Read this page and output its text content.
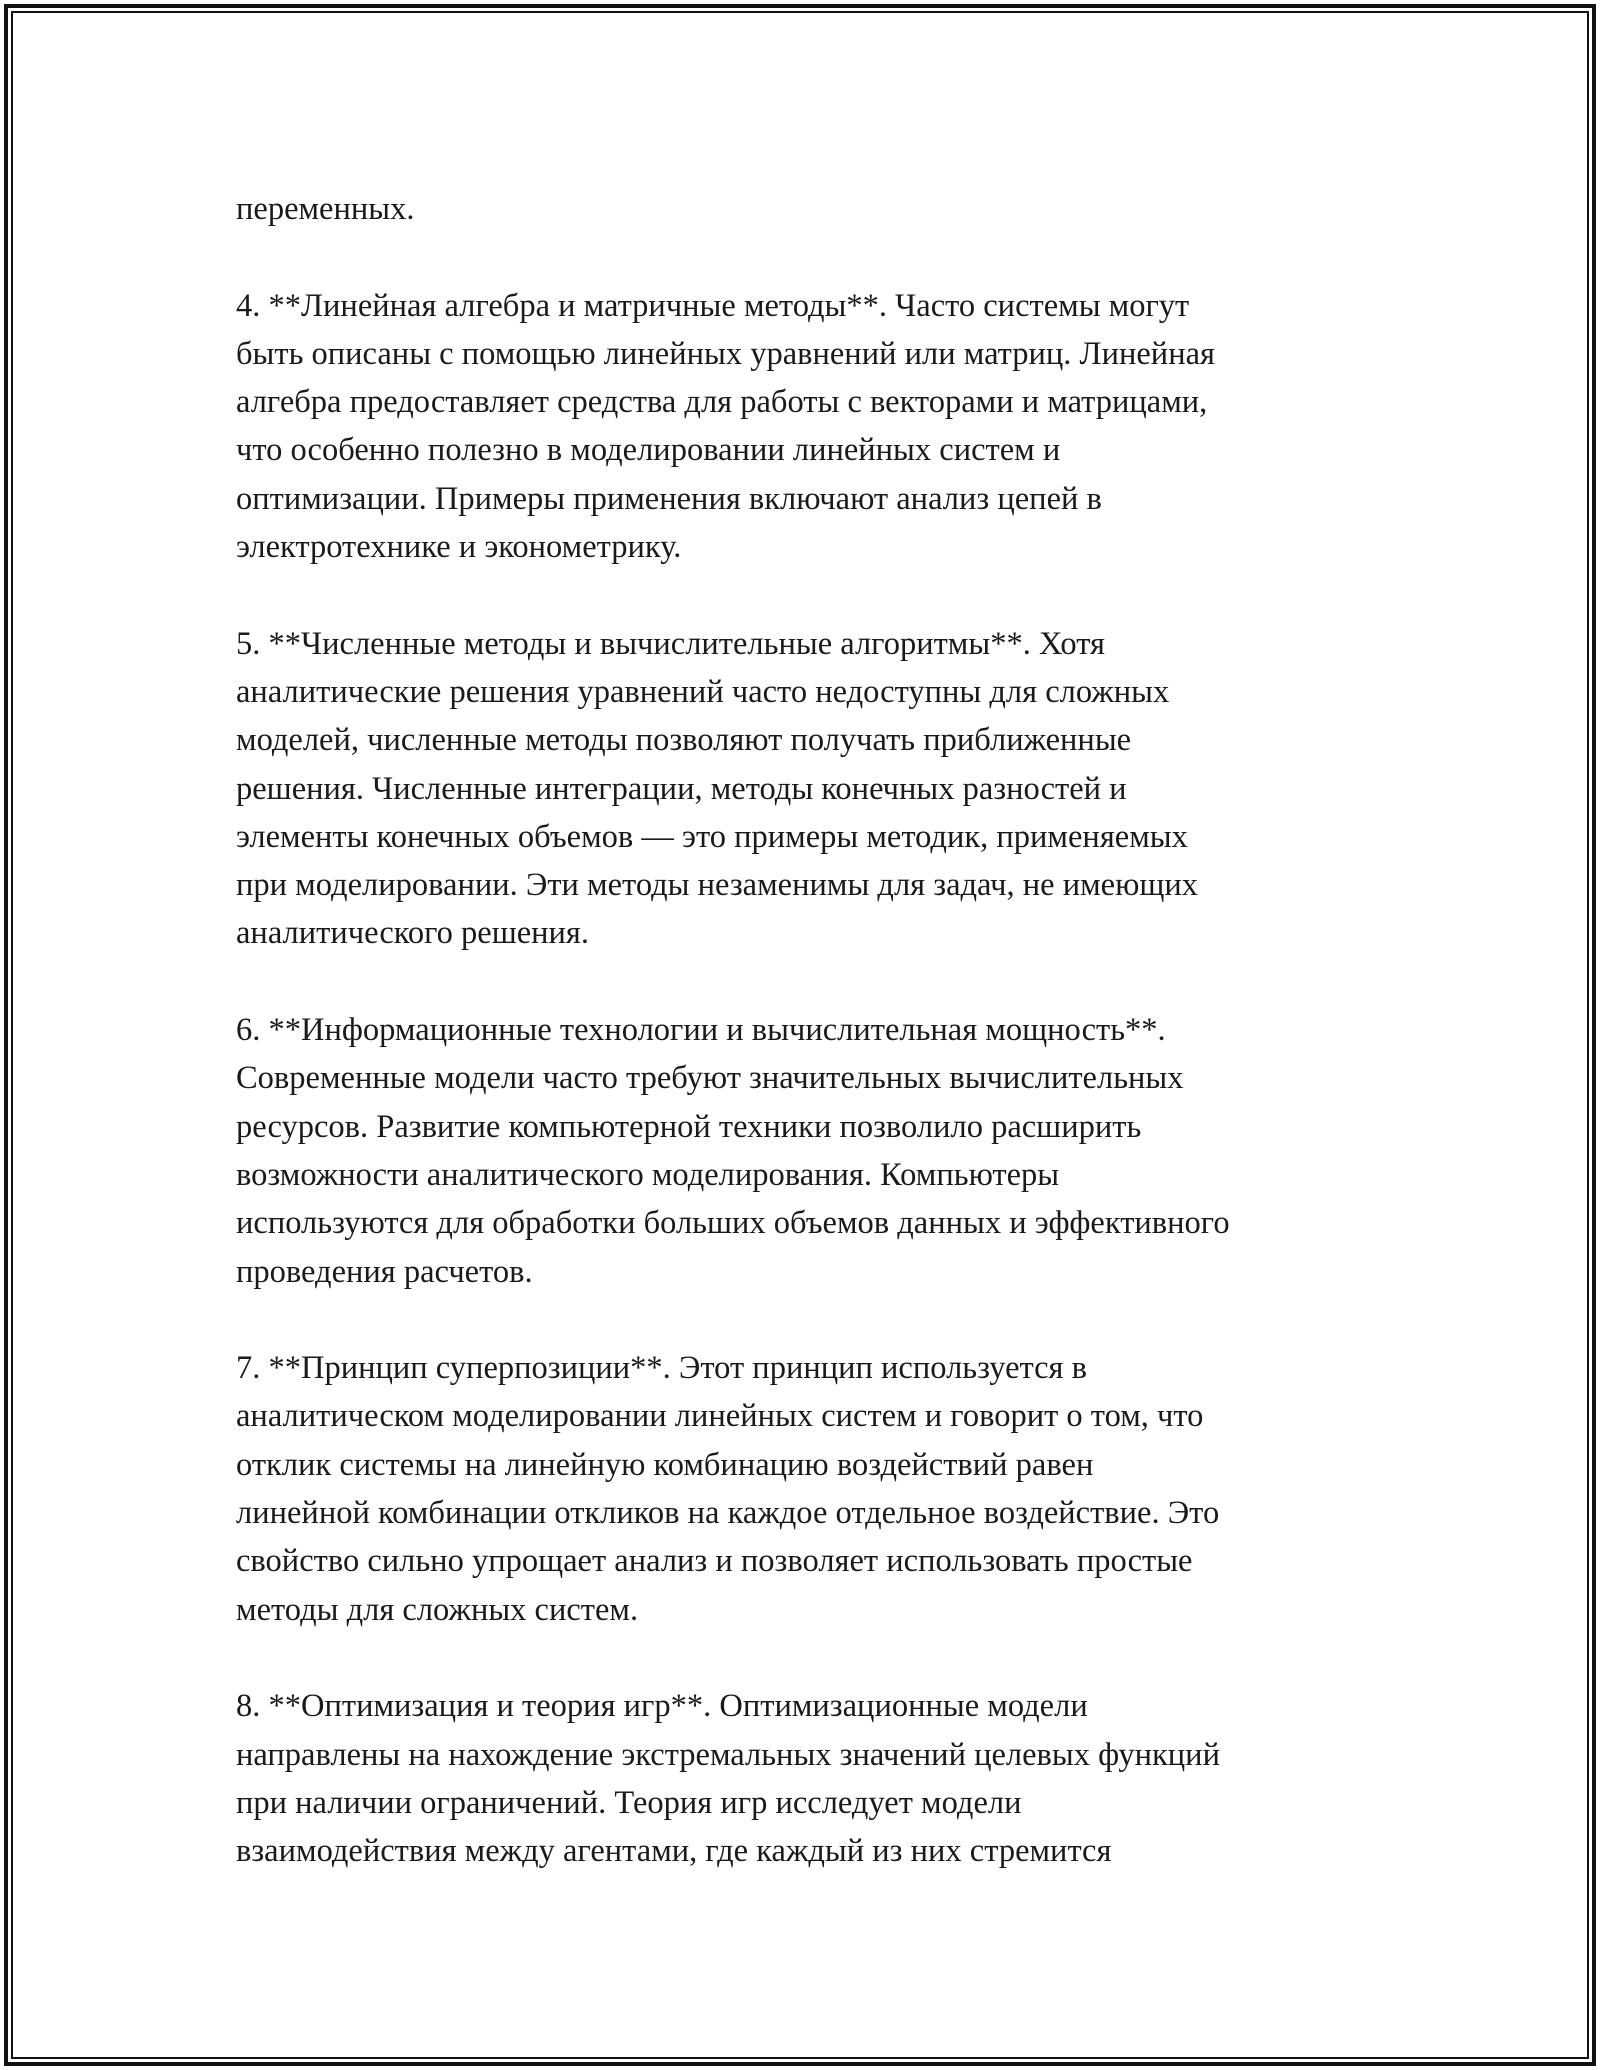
переменных.
4. **Линейная алгебра и матричные методы**. Часто системы могут
быть описаны с помощью линейных уравнений или матриц. Линейная
алгебра предоставляет средства для работы с векторами и матрицами,
что особенно полезно в моделировании линейных систем и
оптимизации. Примеры применения включают анализ цепей в
электротехнике и эконометрику.
5. **Численные методы и вычислительные алгоритмы**. Хотя
аналитические решения уравнений часто недоступны для сложных
моделей, численные методы позволяют получать приближенные
решения. Численные интеграции, методы конечных разностей и
элементы конечных объемов — это примеры методик, применяемых
при моделировании. Эти методы незаменимы для задач, не имеющих
аналитического решения.
6. **Информационные технологии и вычислительная мощность**.
Современные модели часто требуют значительных вычислительных
ресурсов. Развитие компьютерной техники позволило расширить
возможности аналитического моделирования. Компьютеры
используются для обработки больших объемов данных и эффективного
проведения расчетов.
7. **Принцип суперпозиции**. Этот принцип используется в
аналитическом моделировании линейных систем и говорит о том, что
отклик системы на линейную комбинацию воздействий равен
линейной комбинации откликов на каждое отдельное воздействие. Это
свойство сильно упрощает анализ и позволяет использовать простые
методы для сложных систем.
8. **Оптимизация и теория игр**. Оптимизационные модели
направлены на нахождение экстремальных значений целевых функций
при наличии ограничений. Теория игр исследует модели
взаимодействия между агентами, где каждый из них стремится
